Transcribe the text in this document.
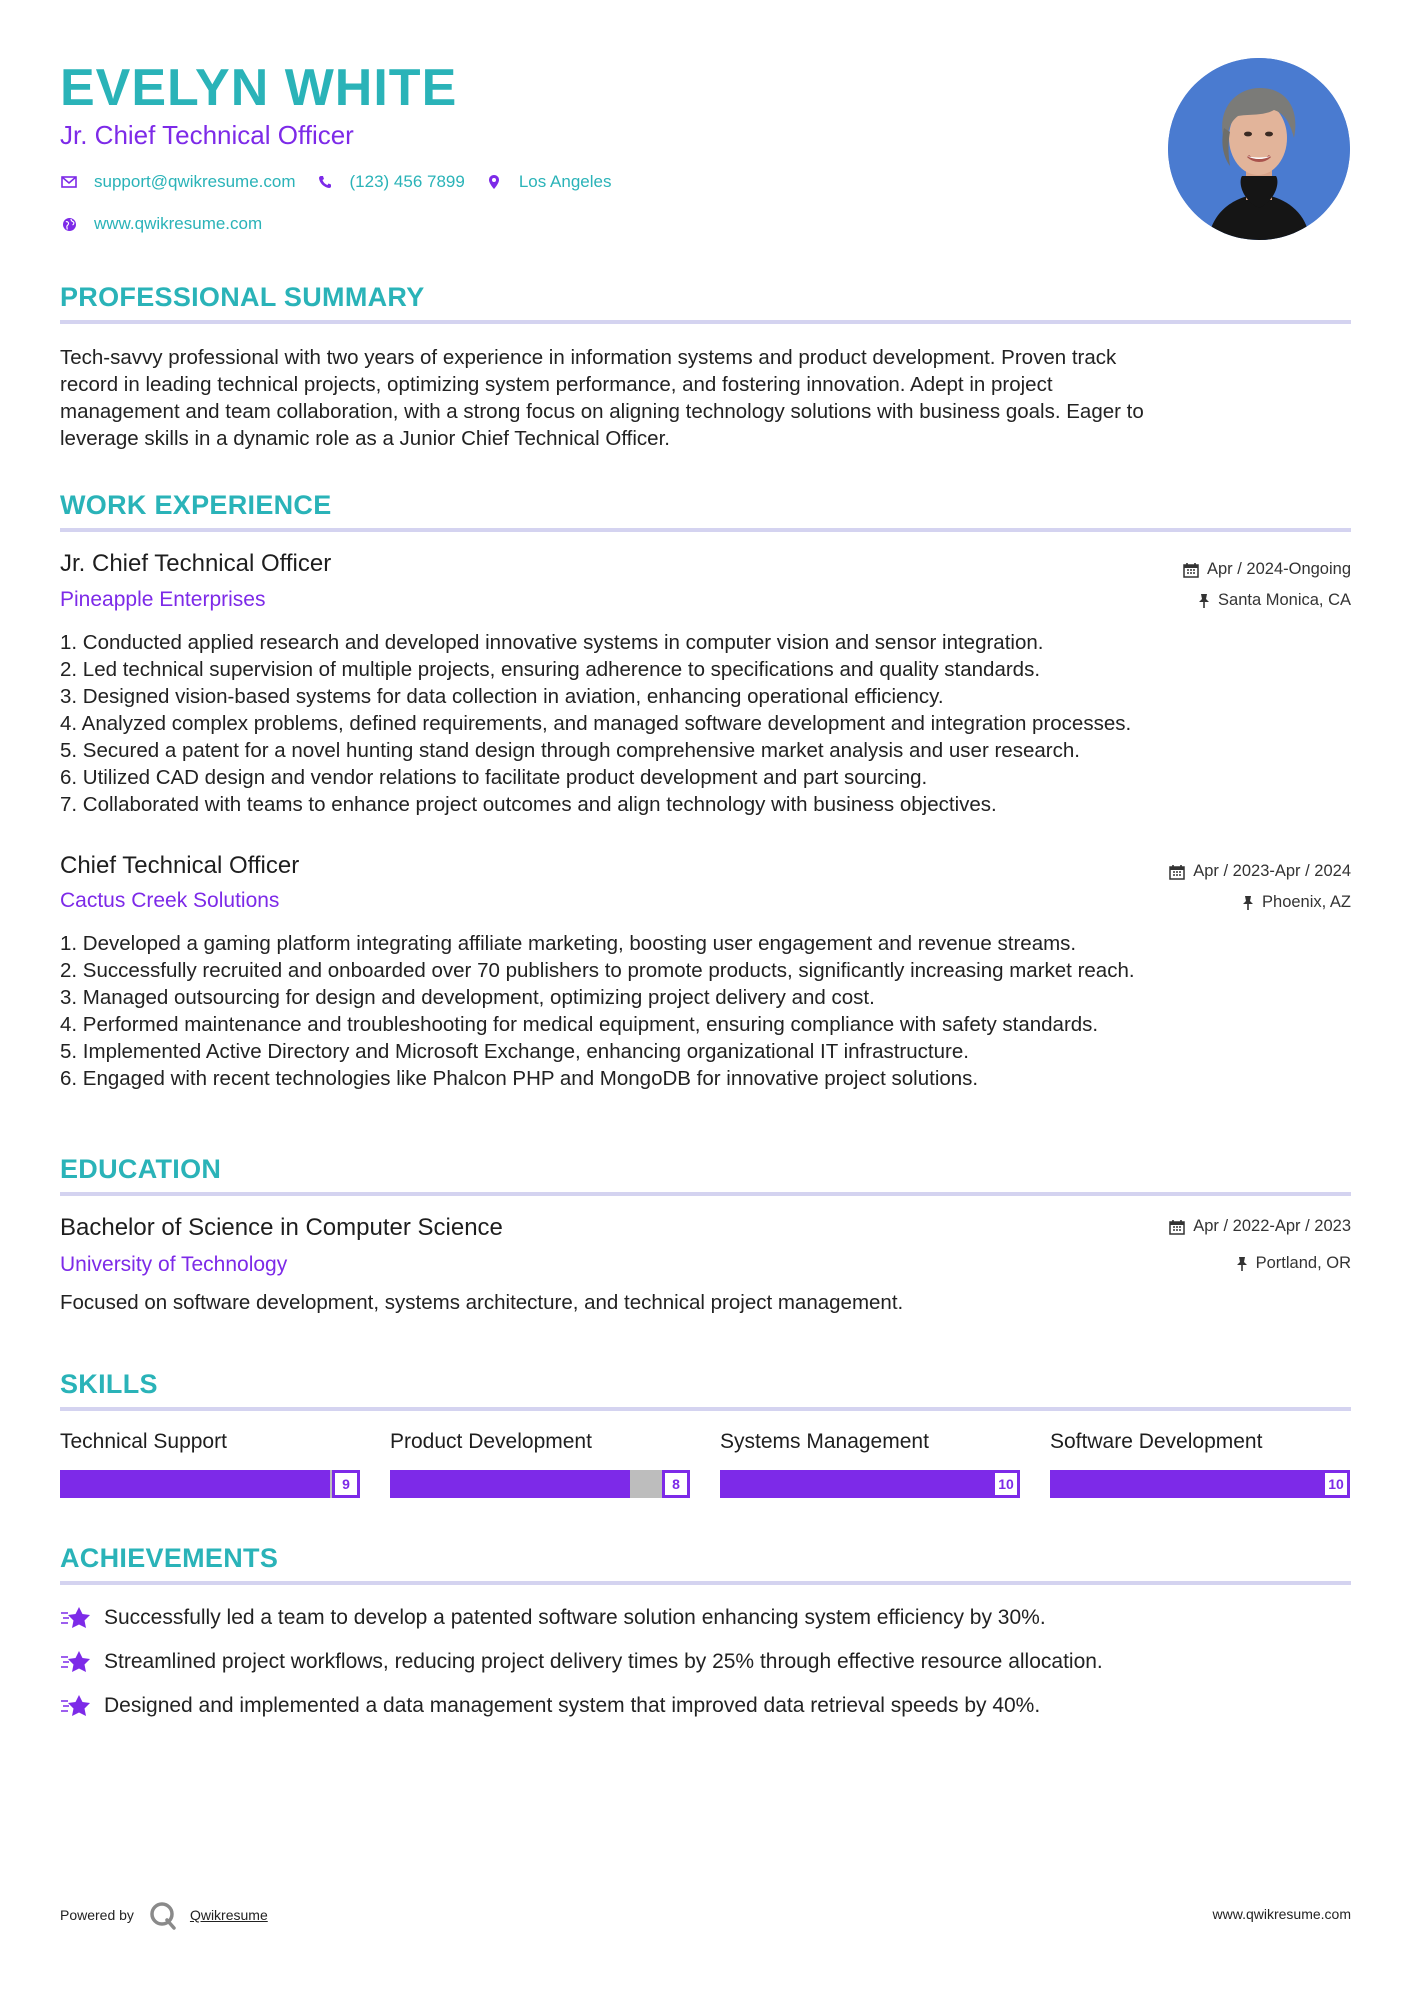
EVELYN WHITE
Jr. Chief Technical Officer
support@qwikresume.com	(123) 456 7899	Los Angeles
www.qwikresume.com
PROFESSIONAL SUMMARY
Tech-savvy professional with two years of experience in information systems and product development. Proven track
record in leading technical projects, optimizing system performance, and fostering innovation. Adept in project
management and team collaboration, with a strong focus on aligning technology solutions with business goals. Eager to
leverage skills in a dynamic role as a Junior Chief Technical Officer.
WORK EXPERIENCE
Jr. Chief Technical Officer	Apr / 2024-Ongoing
Pineapple Enterprises	Santa Monica, CA
1. Conducted applied research and developed innovative systems in computer vision and sensor integration.
2. Led technical supervision of multiple projects, ensuring adherence to specifications and quality standards.
3. Designed vision-based systems for data collection in aviation, enhancing operational efficiency.
4. Analyzed complex problems, defined requirements, and managed software development and integration processes.
5. Secured a patent for a novel hunting stand design through comprehensive market analysis and user research.
6. Utilized CAD design and vendor relations to facilitate product development and part sourcing.
7. Collaborated with teams to enhance project outcomes and align technology with business objectives.
Chief Technical Officer	Apr / 2023-Apr / 2024
Cactus Creek Solutions	Phoenix, AZ
1. Developed a gaming platform integrating affiliate marketing, boosting user engagement and revenue streams.
2. Successfully recruited and onboarded over 70 publishers to promote products, significantly increasing market reach.
3. Managed outsourcing for design and development, optimizing project delivery and cost.
4. Performed maintenance and troubleshooting for medical equipment, ensuring compliance with safety standards.
5. Implemented Active Directory and Microsoft Exchange, enhancing organizational IT infrastructure.
6. Engaged with recent technologies like Phalcon PHP and MongoDB for innovative project solutions.
EDUCATION
Bachelor of Science in Computer Science	Apr / 2022-Apr / 2023
University of Technology	Portland, OR
Focused on software development, systems architecture, and technical project management.
SKILLS
Technical Support
9
Product Development
8
Systems Management
10
Software Development
10
ACHIEVEMENTS
Successfully led a team to develop a patented software solution enhancing system efficiency by 30%.
Streamlined project workflows, reducing project delivery times by 25% through effective resource allocation.
Designed and implemented a data management system that improved data retrieval speeds by 40%.
Powered by	Qwikresume	www.qwikresume.com
